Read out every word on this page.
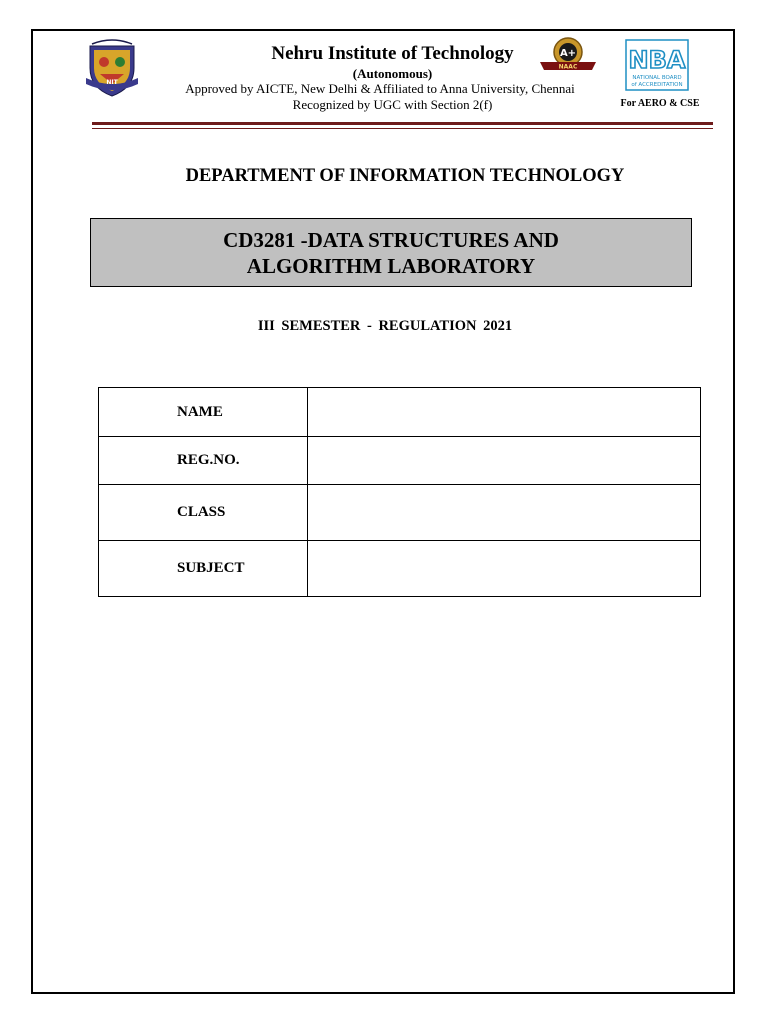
NIT
A+
NAAC NBA
NATIONAL BOARD
of ACCREDITATION
Nehru Institute of Technology
(Autonomous)
Approved by AICTE, New Delhi & Affiliated to Anna University, Chennai
Recognized by UGC with Section 2(f)	For AERO & CSE
DEPARTMENT OF INFORMATION TECHNOLOGY
CD3281 -DATA STRUCTURES AND
ALGORITHM LABORATORY
III SEMESTER - REGULATION 2021
NAME	
REG.NO.	
CLASS	
SUBJECT	
